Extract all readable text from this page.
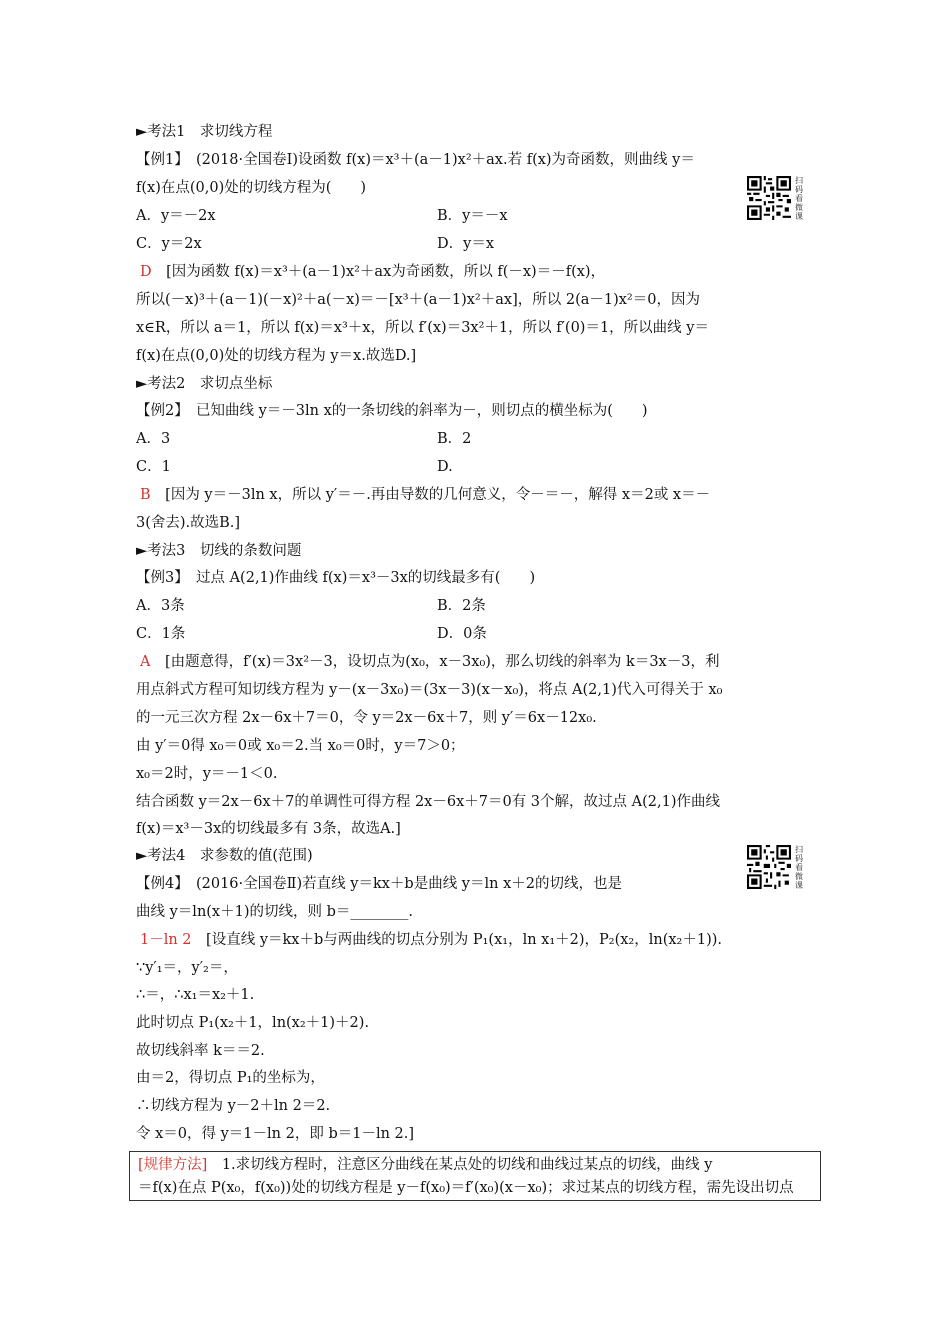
►考法1　求切线方程
【例1】　(2018·全国卷Ⅰ)设函数 f(x)＝x³＋(a－1)x²＋ax.若 f(x)为奇函数，则曲线 y＝
f(x)在点(0,0)处的切线方程为(　　)
A．y＝－2x	B．y＝－x
C．y＝2x	D．y＝x
扫码看微课
D　[因为函数 f(x)＝x³＋(a－1)x²＋ax为奇函数，所以 f(－x)＝－f(x)，
所以(－x)³＋(a－1)(－x)²＋a(－x)＝－[x³＋(a－1)x²＋ax]，所以 2(a－1)x²＝0，因为
x∈R，所以 a＝1，所以 f(x)＝x³＋x，所以 f′(x)＝3x²＋1，所以 f′(0)＝1，所以曲线 y＝
f(x)在点(0,0)处的切线方程为 y＝x.故选D.]
►考法2　求切点坐标
【例2】　已知曲线 y＝－3ln x的一条切线的斜率为－，则切点的横坐标为(　　)
A．3	B．2
C．1	D.
B　[因为 y＝－3ln x，所以 y′＝－.再由导数的几何意义，令－＝－，解得 x＝2或 x＝－
3(舍去).故选B.]
►考法3　切线的条数问题
【例3】　过点 A(2,1)作曲线 f(x)＝x³－3x的切线最多有(　　)
A．3条	B．2条
C．1条	D．0条
A　[由题意得，f′(x)＝3x²－3，设切点为(x₀，x－3x₀)，那么切线的斜率为 k＝3x－3，利
用点斜式方程可知切线方程为 y－(x－3x₀)＝(3x－3)(x－x₀)，将点 A(2,1)代入可得关于 x₀
的一元三次方程 2x－6x＋7＝0，令 y＝2x－6x＋7，则 y′＝6x－12x₀.
由 y′＝0得 x₀＝0或 x₀＝2.当 x₀＝0时，y＝7＞0；
x₀＝2时，y＝－1＜0.
结合函数 y＝2x－6x＋7的单调性可得方程 2x－6x＋7＝0有 3个解，故过点 A(2,1)作曲线
f(x)＝x³－3x的切线最多有 3条，故选A.]
►考法4　求参数的值(范围)	扫码看微课
【例4】　(2016·全国卷Ⅱ)若直线 y＝kx＋b是曲线 y＝ln x＋2的切线，也是
曲线 y＝ln(x＋1)的切线，则 b＝________.
1－ln 2　[设直线 y＝kx＋b与两曲线的切点分别为 P₁(x₁，ln x₁＋2)，P₂(x₂，ln(x₂＋1)).
∵y′₁＝，y′₂＝，
∴＝，∴x₁＝x₂＋1.
此时切点 P₁(x₂＋1，ln(x₂＋1)＋2).
故切线斜率 k＝＝2.
由＝2，得切点 P₁的坐标为，
∴切线方程为 y－2＋ln 2＝2.
令 x＝0，得 y＝1－ln 2，即 b＝1－ln 2.]
[规律方法]　1.求切线方程时，注意区分曲线在某点处的切线和曲线过某点的切线，曲线 y
＝f(x)在点 P(x₀，f(x₀))处的切线方程是 y－f(x₀)＝f′(x₀)(x－x₀)；求过某点的切线方程，需先设出切点
